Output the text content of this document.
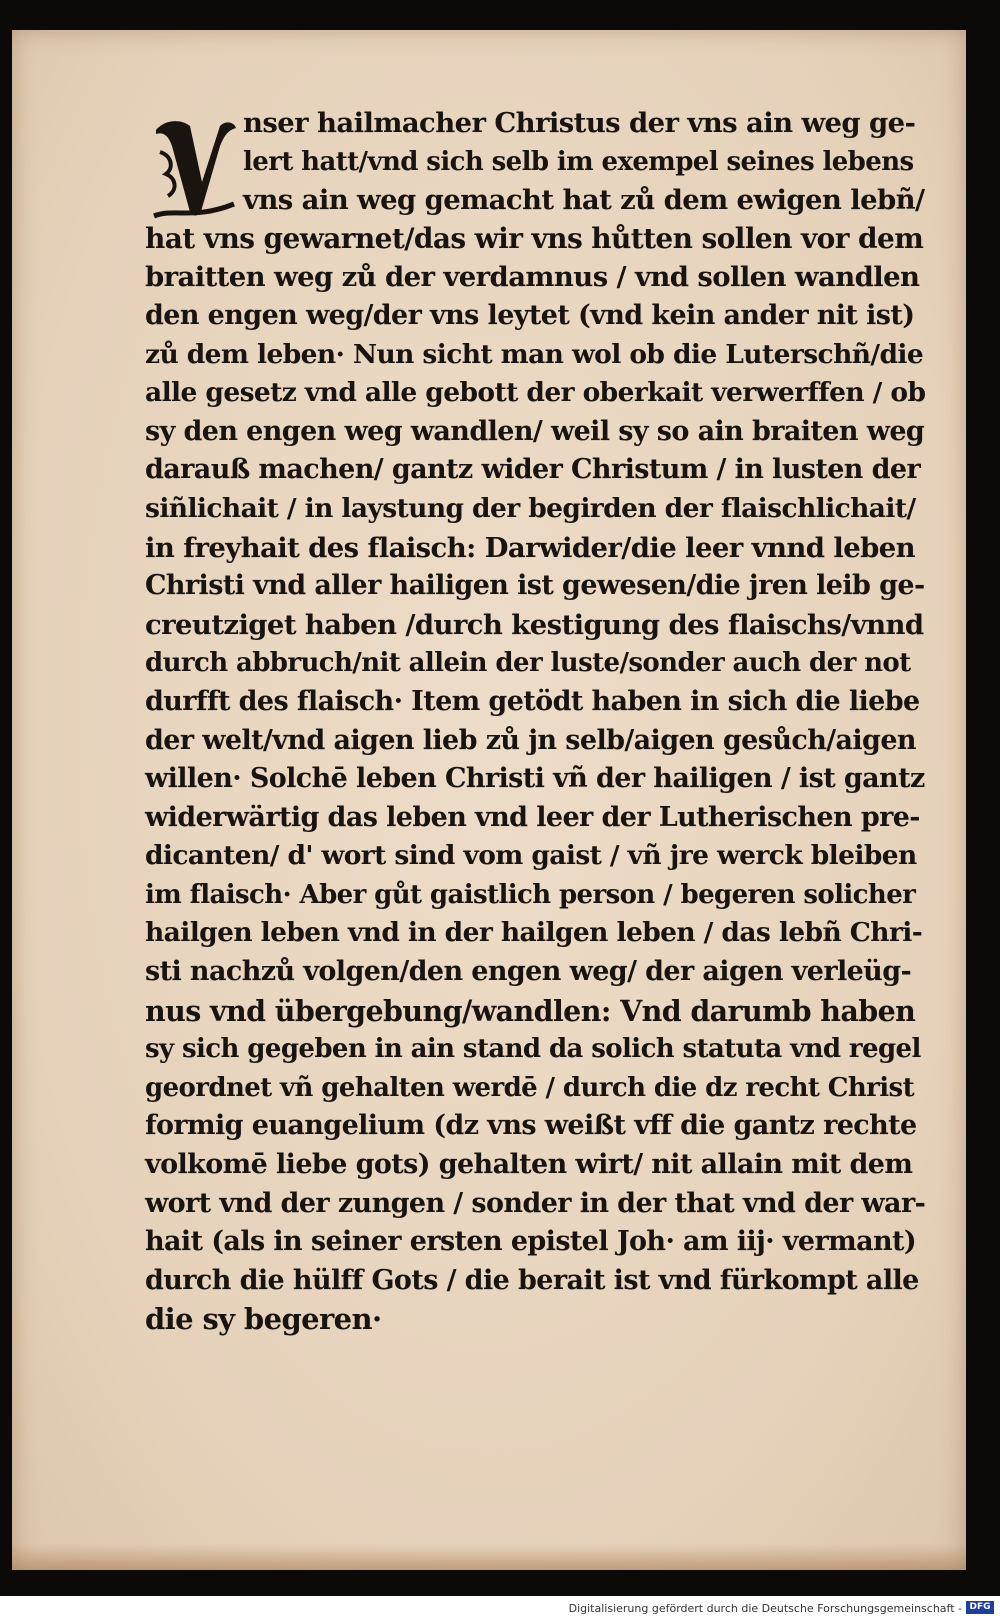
V
nser hailmacher Christus der vns ain weg ge-
lert hatt/vnd sich selb im exempel seines lebens
vns ain weg gemacht hat zů dem ewigen lebñ/
hat vns gewarnet/das wir vns hůtten sollen vor dem
braitten weg zů der verdamnus / vnd sollen wandlen
den engen weg/der vns leytet (vnd kein ander nit ist)
zů dem leben· Nun sicht man wol ob die Luterschñ/die
alle gesetz vnd alle gebott der oberkait verwerffen / ob
sy den engen weg wandlen/ weil sy so ain braiten weg
darauß machen/ gantz wider Christum / in lusten der
siñlichait / in laystung der begirden der flaischlichait/
in freyhait des flaisch: Darwider/die leer vnnd leben
Christi vnd aller hailigen ist gewesen/die jren leib ge-
creutziget haben /durch kestigung des flaischs/vnnd
durch abbruch/nit allein der luste/sonder auch der not
durfft des flaisch· Item getödt haben in sich die liebe
der welt/vnd aigen lieb zů jn selb/aigen gesůch/aigen
willen· Solchē leben Christi vñ der hailigen / ist gantz
widerwärtig das leben vnd leer der Lutherischen pre-
dicanten/ d' wort sind vom gaist / vñ jre werck bleiben
im flaisch· Aber gůt gaistlich person / begeren solicher
hailgen leben vnd in der hailgen leben / das lebñ Chri-
sti nachzů volgen/den engen weg/ der aigen verleüg-
nus vnd übergebung/wandlen: Vnd darumb haben
sy sich gegeben in ain stand da solich statuta vnd regel
geordnet vñ gehalten werdē / durch die dz recht Christ
formig euangelium (dz vns weißt vff die gantz rechte
volkomē liebe gots) gehalten wirt/ nit allain mit dem
wort vnd der zungen / sonder in der that vnd der war-
hait (als in seiner ersten epistel Joh· am iij· vermant)
durch die hülff Gots / die berait ist vnd fürkompt alle
die sy begeren·
Digitalisierung gefördert durch die Deutsche Forschungsgemeinschaft - DFG
